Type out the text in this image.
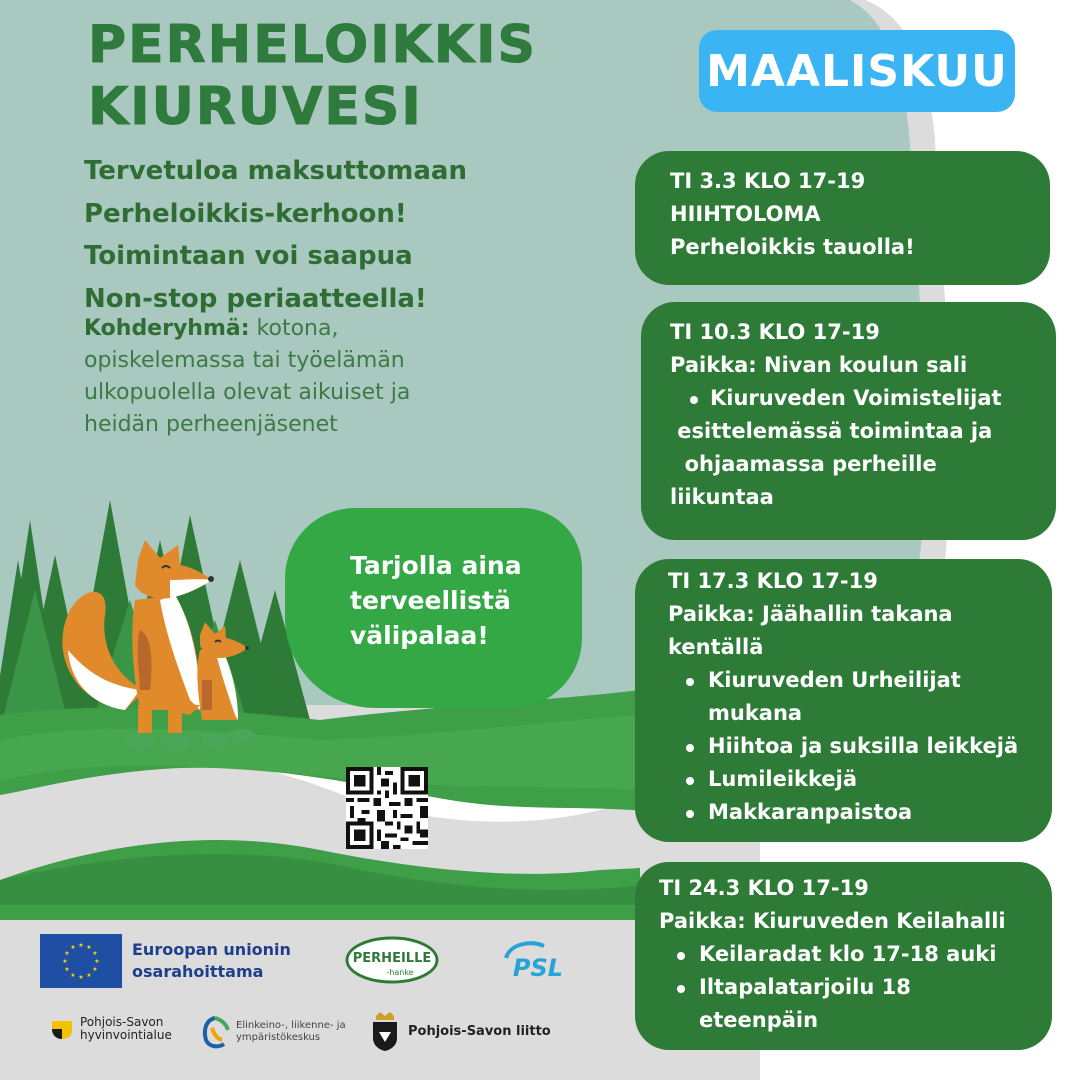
PERHELOIKKIS
KIURUVESI
Tervetuloa maksuttomaan
Perheloikkis-kerhoon!
Toimintaan voi saapua
Non-stop periaatteella!
Kohderyhmä: kotona, opiskelemassa tai työelämän ulkopuolella olevat aikuiset ja heidän perheenjäsenet
MAALISKUU
TI 3.3 KLO 17-19
HIIHTOLOMA
Perheloikkis tauolla!
TI 10.3 KLO 17-19
Paikka: Nivan koulun sali
Kiuruveden Voimistelijat
esittelemässä toimintaa ja
ohjaamassa perheille
liikuntaa
TI 17.3 KLO 17-19
Paikka: Jäähallin takana
kentällä
Kiuruveden Urheilijat
mukana
Hiihtoa ja suksilla leikkejä
Lumileikkejä
Makkaranpaistoa
TI 24.3 KLO 17-19
Paikka: Kiuruveden Keilahalli
Keilaradat klo 17-18 auki
Iltapalatarjoilu 18
eteenpäin
Tarjolla aina
terveellistä
välipalaa!
★ ★
★
★
★
★
★
★
★
★
★
★	Euroopan unionin
osarahoittama
PERHEILLE
-hanke	PSL
Pohjois-Savon
hyvinvointialue
Elinkeino-, liikenne- ja
ympäristökeskus	Pohjois-Savon liitto
